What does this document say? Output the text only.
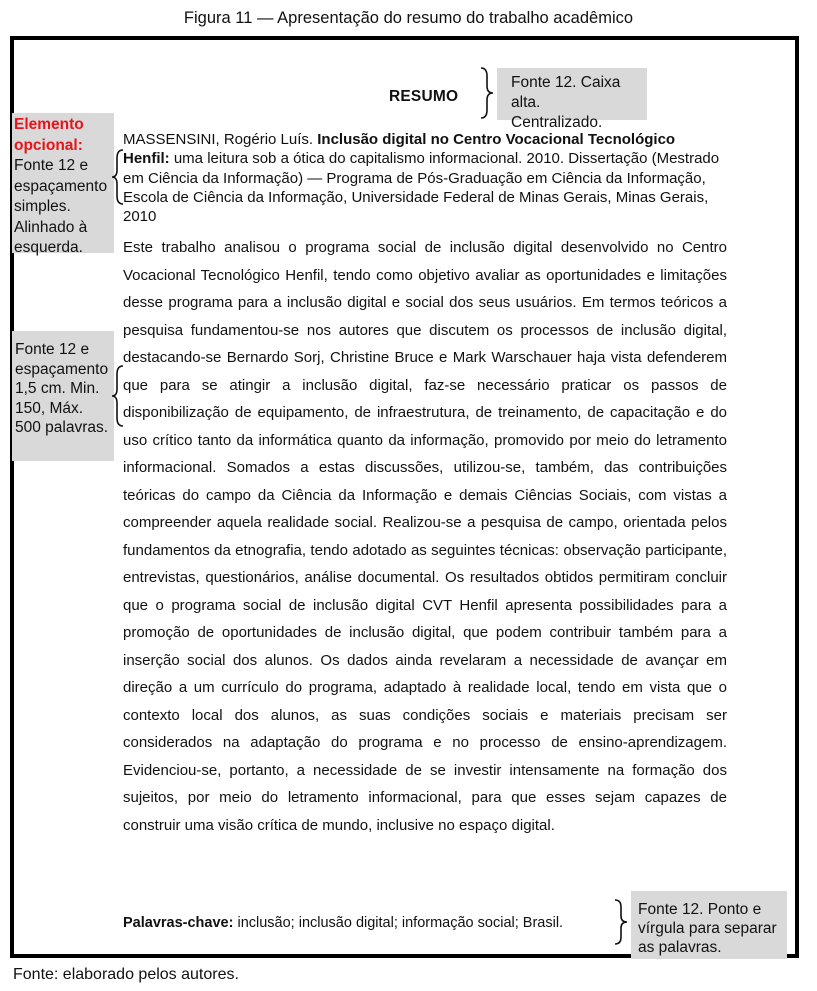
Figura 11 — Apresentação do resumo do trabalho acadêmico
RESUMO
Fonte 12. Caixa alta. Centralizado.
Elemento opcional: Fonte 12 e espaçamento simples. Alinhado à esquerda.
MASSENSINI, Rogério Luís. Inclusão digital no Centro Vocacional Tecnológico Henfil: uma leitura sob a ótica do capitalismo informacional. 2010. Dissertação (Mestrado em Ciência da Informação) — Programa de Pós-Graduação em Ciência da Informação, Escola de Ciência da Informação, Universidade Federal de Minas Gerais, Minas Gerais, 2010
Fonte 12 e espaçamento 1,5 cm. Min. 150, Máx. 500 palavras.
Este trabalho analisou o programa social de inclusão digital desenvolvido no Centro Vocacional Tecnológico Henfil, tendo como objetivo avaliar as oportunidades e limitações desse programa para a inclusão digital e social dos seus usuários. Em termos teóricos a pesquisa fundamentou-se nos autores que discutem os processos de inclusão digital, destacando-se Bernardo Sorj, Christine Bruce e Mark Warschauer haja vista defenderem que para se atingir a inclusão digital, faz-se necessário praticar os passos de disponibilização de equipamento, de infraestrutura, de treinamento, de capacitação e do uso crítico tanto da informática quanto da informação, promovido por meio do letramento informacional. Somados a estas discussões, utilizou-se, também, das contribuições teóricas do campo da Ciência da Informação e demais Ciências Sociais, com vistas a compreender aquela realidade social. Realizou-se a pesquisa de campo, orientada pelos fundamentos da etnografia, tendo adotado as seguintes técnicas: observação participante, entrevistas, questionários, análise documental. Os resultados obtidos permitiram concluir que o programa social de inclusão digital CVT Henfil apresenta possibilidades para a promoção de oportunidades de inclusão digital, que podem contribuir também para a inserção social dos alunos. Os dados ainda revelaram a necessidade de avançar em direção a um currículo do programa, adaptado à realidade local, tendo em vista que o contexto local dos alunos, as suas condições sociais e materiais precisam ser considerados na adaptação do programa e no processo de ensino-aprendizagem. Evidenciou-se, portanto, a necessidade de se investir intensamente na formação dos sujeitos, por meio do letramento informacional, para que esses sejam capazes de construir uma visão crítica de mundo, inclusive no espaço digital.
Palavras-chave: inclusão; inclusão digital; informação social; Brasil.
Fonte 12. Ponto e vírgula para separar as palavras.
Fonte: elaborado pelos autores.
